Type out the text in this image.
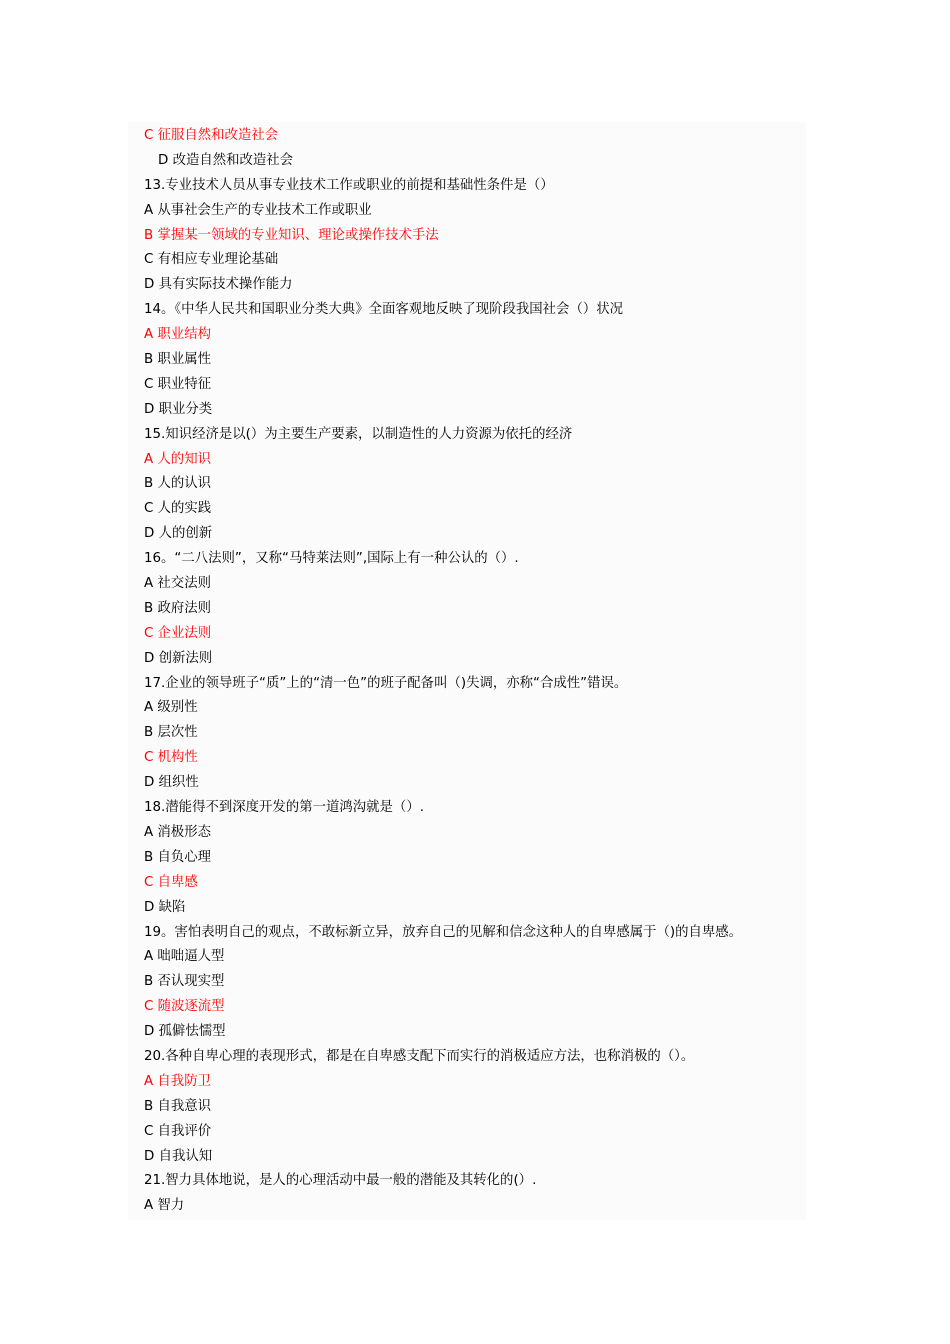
C 征服自然和改造社会
D 改造自然和改造社会
13.专业技术人员从事专业技术工作或职业的前提和基础性条件是（）
A 从事社会生产的专业技术工作或职业
B 掌握某一领域的专业知识、理论或操作技术手法
C 有相应专业理论基础
D 具有实际技术操作能力
14。《中华人民共和国职业分类大典》全面客观地反映了现阶段我国社会（）状况
A 职业结构
B 职业属性
C 职业特征
D 职业分类
15.知识经济是以(）为主要生产要素，以制造性的人力资源为依托的经济
A 人的知识
B 人的认识
C 人的实践
D 人的创新
16。“二八法则”，又称“马特莱法则”,国际上有一种公认的（）.
A 社交法则
B 政府法则
C 企业法则
D 创新法则
17.企业的领导班子“质”上的“清一色”的班子配备叫（)失调，亦称“合成性”错误。
A 级别性
B 层次性
C 机构性
D 组织性
18.潜能得不到深度开发的第一道鸿沟就是（）.
A 消极形态
B 自负心理
C 自卑感
D 缺陷
19。害怕表明自己的观点，不敢标新立异，放弃自己的见解和信念这种人的自卑感属于（)的自卑感。
A 咄咄逼人型
B 否认现实型
C 随波逐流型
D 孤僻怯懦型
20.各种自卑心理的表现形式，都是在自卑感支配下而实行的消极适应方法，也称消极的（）。
A 自我防卫
B 自我意识
C 自我评价
D 自我认知
21.智力具体地说，是人的心理活动中最一般的潜能及其转化的(）.
A 智力
